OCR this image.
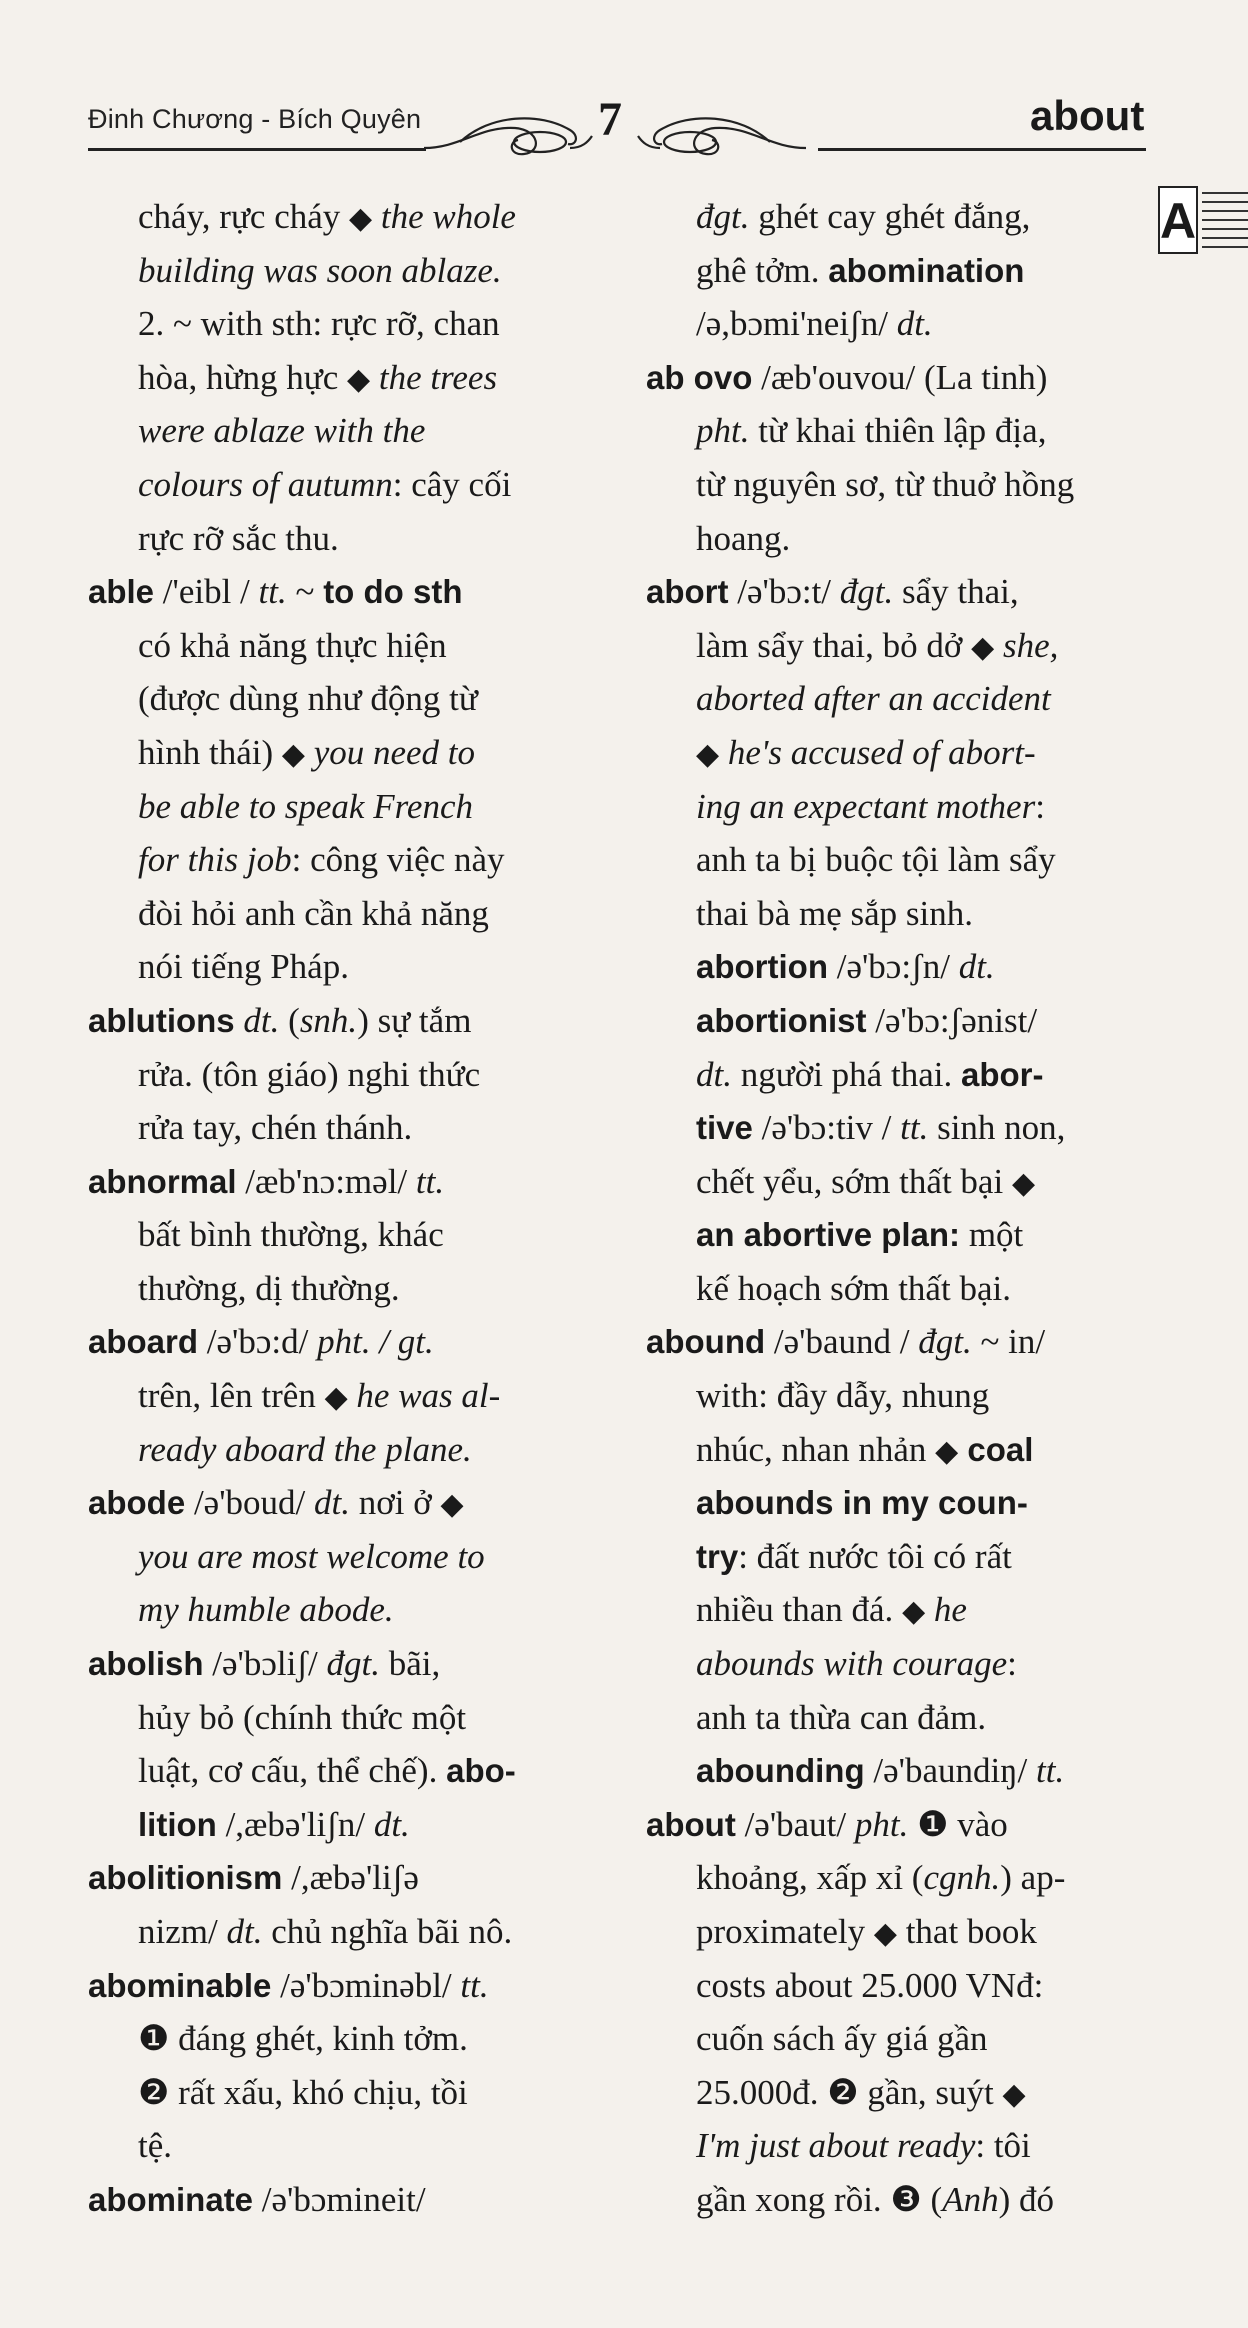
Đinh Chương - Bích Quyên	7	about
A
cháy, rực cháy ◆ the whole
building was soon ablaze.
2. ~ with sth: rực rỡ, chan
hòa, hừng hực ◆ the trees
were ablaze with the
colours of autumn: cây cối
rực rỡ sắc thu.
able /'eibl / tt. ~ to do sth
có khả năng thực hiện
(được dùng như động từ
hình thái) ◆ you need to
be able to speak French
for this job: công việc này
đòi hỏi anh cần khả năng
nói tiếng Pháp.
ablutions dt. (snh.) sự tắm
rửa. (tôn giáo) nghi thức
rửa tay, chén thánh.
abnormal /æb'nɔ:məl/ tt.
bất bình thường, khác
thường, dị thường.
aboard /ə'bɔ:d/ pht. / gt.
trên, lên trên ◆ he was al-
ready aboard the plane.
abode /ə'boud/ dt. nơi ở ◆
you are most welcome to
my humble abode.
abolish /ə'bɔliʃ/ đgt. bãi,
hủy bỏ (chính thức một
luật, cơ cấu, thể chế). abo-
lition /,æbə'liʃn/ dt.
abolitionism /,æbə'liʃə
nizm/ dt. chủ nghĩa bãi nô.
abominable /ə'bɔminəbl/ tt.
❶ đáng ghét, kinh tởm.
❷ rất xấu, khó chịu, tồi
tệ.
abominate /ə'bɔmineit/
đgt. ghét cay ghét đắng,
ghê tởm. abomination
/ə,bɔmi'neiʃn/ dt.
ab ovo /æb'ouvou/ (La tinh)
pht. từ khai thiên lập địa,
từ nguyên sơ, từ thuở hồng
hoang.
abort /ə'bɔ:t/ đgt. sẩy thai,
làm sẩy thai, bỏ dở ◆ she,
aborted after an accident
◆ he's accused of abort-
ing an expectant mother:
anh ta bị buộc tội làm sẩy
thai bà mẹ sắp sinh.
abortion /ə'bɔ:ʃn/ dt.
abortionist /ə'bɔ:ʃənist/
dt. người phá thai. abor-
tive /ə'bɔ:tiv / tt. sinh non,
chết yểu, sớm thất bại ◆
an abortive plan: một
kế hoạch sớm thất bại.
abound /ə'baund / đgt. ~ in/
with: đầy dẫy, nhung
nhúc, nhan nhản ◆ coal
abounds in my coun-
try: đất nước tôi có rất
nhiều than đá. ◆ he
abounds with courage:
anh ta thừa can đảm.
abounding /ə'baundiŋ/ tt.
about /ə'baut/ pht. ❶ vào
khoảng, xấp xỉ (cgnh.) ap-
proximately ◆ that book
costs about 25.000 VNđ:
cuốn sách ấy giá gần
25.000đ. ❷ gần, suýt ◆
I'm just about ready: tôi
gần xong rồi. ❸ (Anh) đó
